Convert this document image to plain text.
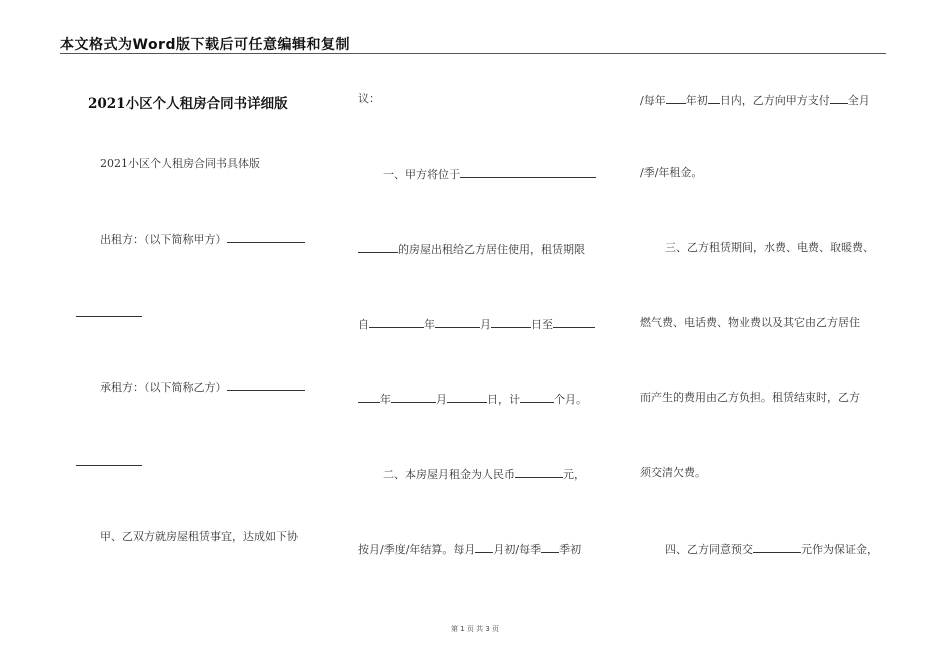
本文格式为Word版下载后可任意编辑和复制
2021小区个人租房合同书详细版
2021小区个人租房合同书具体版
出租方：（以下简称甲方）
承租方：（以下简称乙方）
甲、乙双方就房屋租赁事宜，达成如下协
议：
一、甲方将位于
的房屋出租给乙方居住使用，租赁期限
自	年	月	日至
年	月	日，计	个月。
二、本房屋月租金为人民币	元，
按月/季度/年结算。每月 月初/每季 季初
/每年 年初 日内，乙方向甲方支付 全月
/季/年租金。
三、乙方租赁期间，水费、电费、取暖费、
燃气费、电话费、物业费以及其它由乙方居住
而产生的费用由乙方负担。租赁结束时，乙方
须交清欠费。
四、乙方同意预交	元作为保证金，
第 1 页 共 3 页
